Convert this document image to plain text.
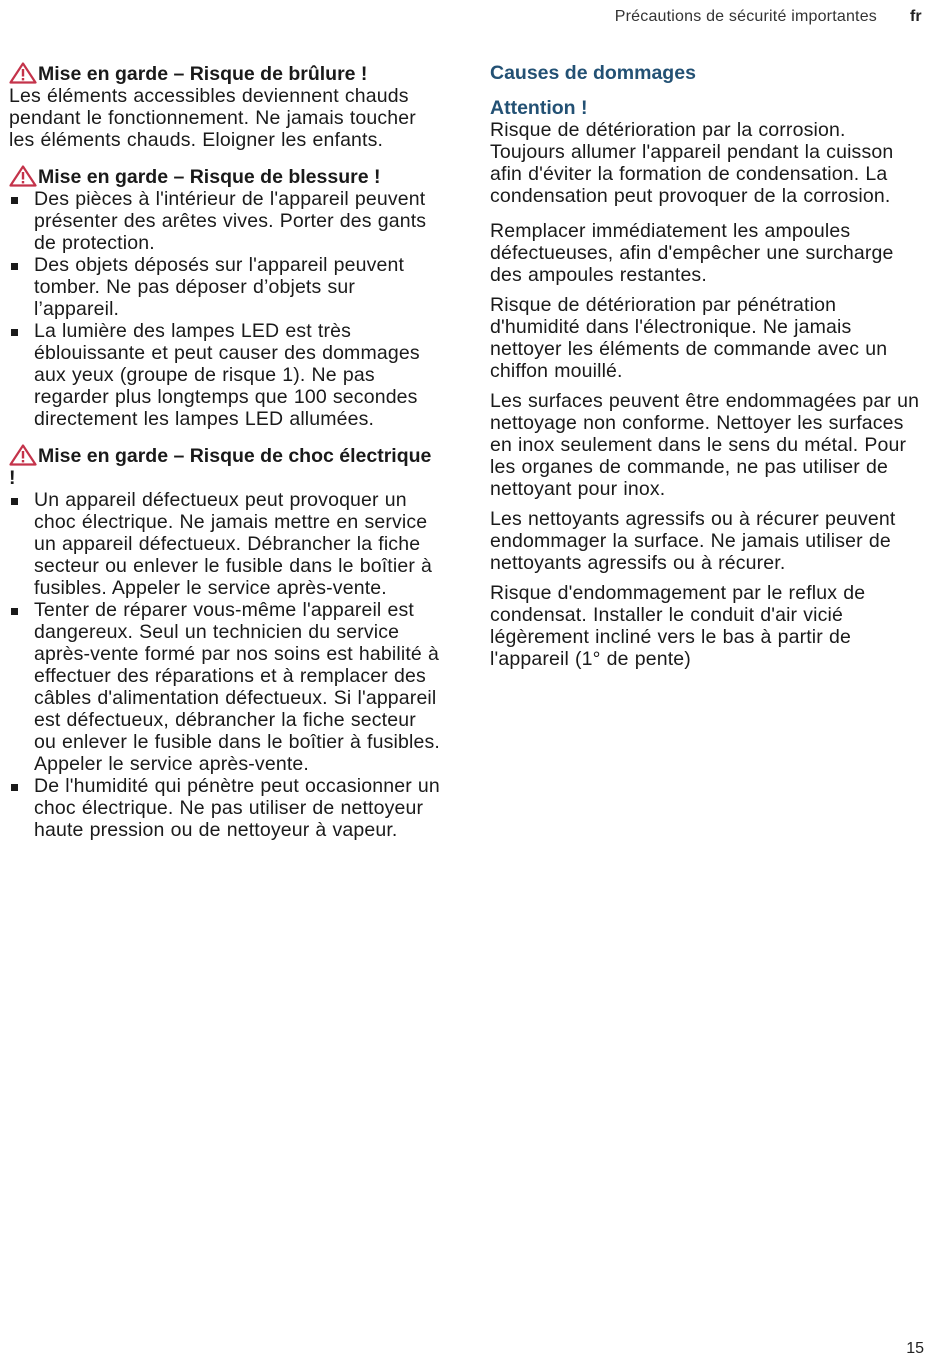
Précautions de sécurité importantes fr

Mise en garde – Risque de brûlure !

Les éléments accessibles deviennent chauds pendant le fonctionnement. Ne jamais toucher les éléments chauds. Eloigner les enfants.

Mise en garde – Risque de blessure !

Des pièces à l'intérieur de l'appareil peuvent présenter des arêtes vives. Porter des gants de protection.
Des objets déposés sur l'appareil peuvent tomber. Ne pas déposer d’objets sur l’appareil.
La lumière des lampes LED est très éblouissante et peut causer des dommages aux yeux (groupe de risque 1). Ne pas regarder plus longtemps que 100 secondes directement les lampes LED allumées.

Mise en garde – Risque de choc électrique !

Un appareil défectueux peut provoquer un choc électrique. Ne jamais mettre en service un appareil défectueux. Débrancher la fiche secteur ou enlever le fusible dans le boîtier à fusibles. Appeler le service après-vente.
Tenter de réparer vous-même l'appareil est dangereux. Seul un technicien du service après-vente formé par nos soins est habilité à effectuer des réparations et à remplacer des câbles d'alimentation défectueux. Si l'appareil est défectueux, débrancher la fiche secteur ou enlever le fusible dans le boîtier à fusibles. Appeler le service après-vente.
De l'humidité qui pénètre peut occasionner un choc électrique. Ne pas utiliser de nettoyeur haute pression ou de nettoyeur à vapeur.

Causes de dommages

Attention !

Risque de détérioration par la corrosion. Toujours allumer l'appareil pendant la cuisson afin d'éviter la formation de condensation. La condensation peut provoquer de la corrosion.

Remplacer immédiatement les ampoules défectueuses, afin d'empêcher une surcharge des ampoules restantes.

Risque de détérioration par pénétration d'humidité dans l'électronique. Ne jamais nettoyer les éléments de commande avec un chiffon mouillé.

Les surfaces peuvent être endommagées par un nettoyage non conforme. Nettoyer les surfaces en inox seulement dans le sens du métal. Pour les organes de commande, ne pas utiliser de nettoyant pour inox.

Les nettoyants agressifs ou à récurer peuvent endommager la surface. Ne jamais utiliser de nettoyants agressifs ou à récurer.

Risque d'endommagement par le reflux de condensat. Installer le conduit d'air vicié légèrement incliné vers le bas à partir de l'appareil (1° de pente)

15
